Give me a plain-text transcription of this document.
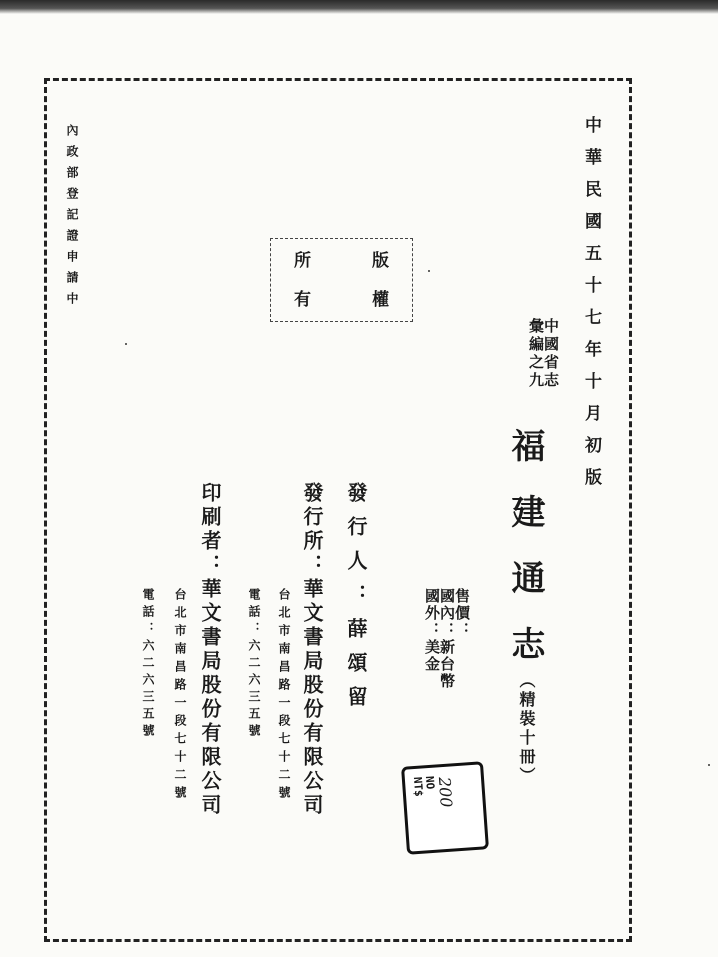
內政部登記證申請中	中華民國五十七年十月初版
中國省志
彙編之九
福建通志
（精裝十冊）
版
權
所
有
售價：
國內：新台幣
國外：美金
發行人：薛頌留
發行所：華文書局股份有限公司
台北市南昌路一段七十二號
電話：六二六三五號
印刷者：華文書局股份有限公司
台北市南昌路一段七十二號
電話：六二六三五號
NO
NT$ 200
